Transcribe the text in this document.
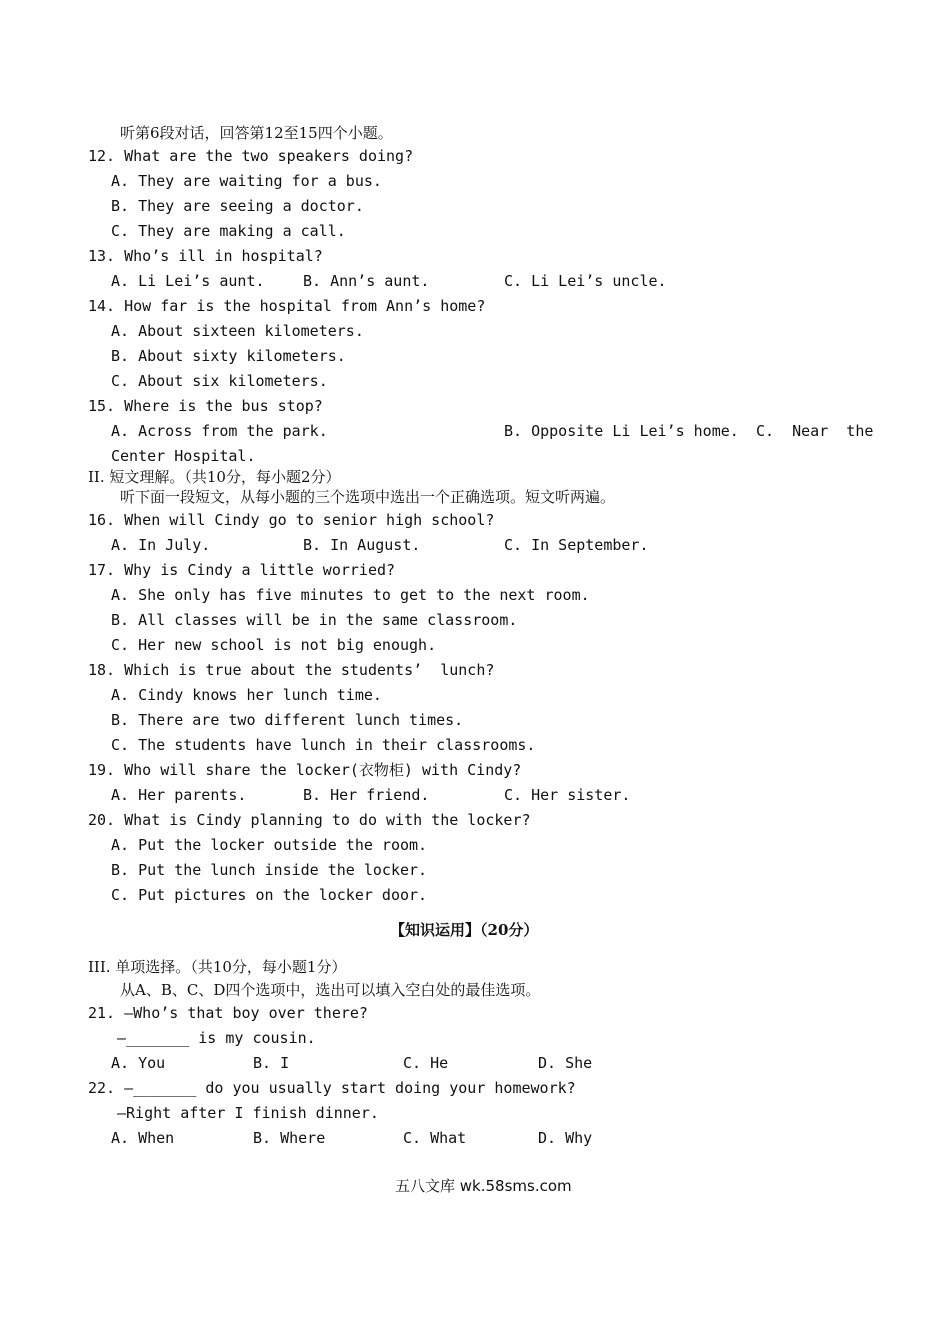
听第6段对话，回答第12至15四个小题。
12. What are the two speakers doing?
A. They are waiting for a bus.
B. They are seeing a doctor.
C. They are making a call.
13. Who’s ill in hospital?
A. Li Lei’s aunt.	B. Ann’s aunt.	C. Li Lei’s uncle.
14. How far is the hospital from Ann’s home?
A. About sixteen kilometers.
B. About sixty kilometers.
C. About six kilometers.
15. Where is the bus stop?
A. Across from the park.	B. Opposite Li Lei’s home. C.  Near  the
Center Hospital.
II. 短文理解。（共10分，每小题2分）
听下面一段短文，从每小题的三个选项中选出一个正确选项。短文听两遍。
16. When will Cindy go to senior high school?
A. In July.	B. In August.	C. In September.
17. Why is Cindy a little worried?
A. She only has five minutes to get to the next room.
B. All classes will be in the same classroom.
C. Her new school is not big enough.
18. Which is true about the students’  lunch?
A. Cindy knows her lunch time.
B. There are two different lunch times.
C. The students have lunch in their classrooms.
19. Who will share the locker(衣物柜) with Cindy?
A. Her parents.	B. Her friend.	C. Her sister.
20. What is Cindy planning to do with the locker?
A. Put the locker outside the room.
B. Put the lunch inside the locker.
C. Put pictures on the locker door.
【知识运用】（20分）
III. 单项选择。（共10分，每小题1分）
从A、B、C、D四个选项中，选出可以填入空白处的最佳选项。
21. —Who’s that boy over there?
—_______ is my cousin.
A. You	B. I	C. He	D. She
22. —_______ do you usually start doing your homework?
—Right after I finish dinner.
A. When	B. Where	C. What	D. Why
五八文库 wk.58sms.com
